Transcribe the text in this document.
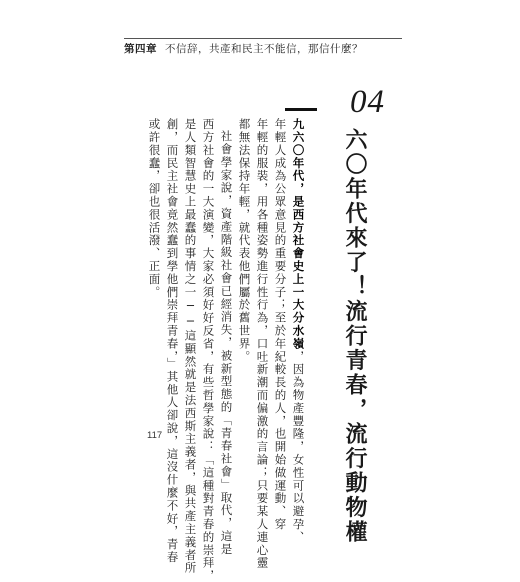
第四章 不信辞，共產和民主不能信，那信什麼？
04
六〇年代來了！流行青春，流行動物權
九六〇年代，是西方社會史上一大分水嶺，因為物產豐隆，女性可以避孕、
年輕人成為公眾意見的重要分子；至於年紀較長的人，也開始做運動、穿
年輕的服裝，用各種姿勢進行性行為，口吐新潮而偏激的言論；只要某人連心靈
都無法保持年輕，就代表他們屬於舊世界。
社會學家說，資產階級社會已經消失，被新型態的「青春社會」取代，這是
西方社會的一大演變，大家必須好好反省，有些哲學家說：「這種對青春的崇拜，
是人類智慧史上最蠢的事情之一──這顯然就是法西斯主義者，與共產主義者所
創，而民主社會竟然蠢到學他們崇拜青春，」其他人卻說，這沒什麼不好，青春
或許很蠢，卻也很活潑、正面。
117
